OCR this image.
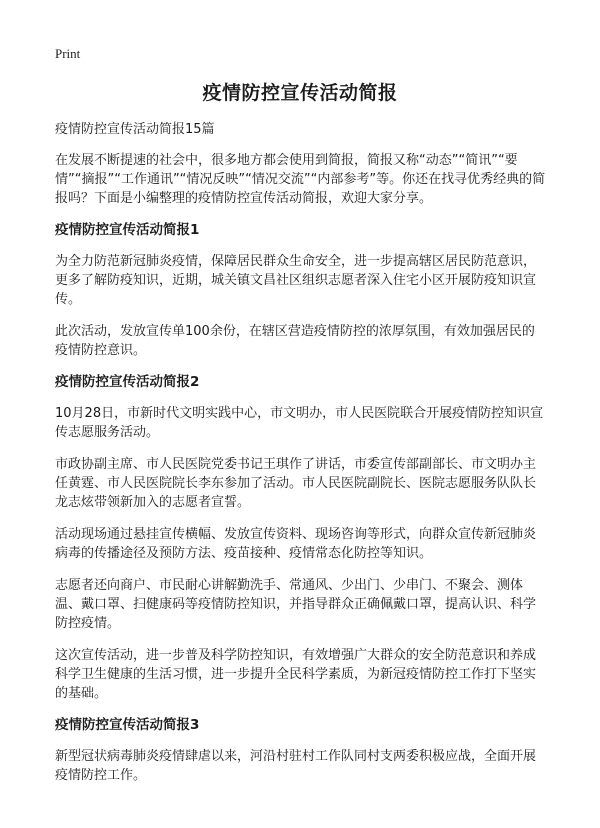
Print
疫情防控宣传活动简报

疫情防控宣传活动简报15篇

在发展不断提速的社会中，很多地方都会使用到简报，简报又称“动态”“简讯”“要情”“摘报”“工作通讯”“情况反映”“情况交流”“内部参考”等。你还在找寻优秀经典的简报吗？下面是小编整理的疫情防控宣传活动简报，欢迎大家分享。

疫情防控宣传活动简报1

为全力防范新冠肺炎疫情，保障居民群众生命安全，进一步提高辖区居民防范意识，更多了解防疫知识，近期，城关镇文昌社区组织志愿者深入住宅小区开展防疫知识宣传。

此次活动，发放宣传单100余份，在辖区营造疫情防控的浓厚氛围，有效加强居民的疫情防控意识。

疫情防控宣传活动简报2

10月28日，市新时代文明实践中心，市文明办，市人民医院联合开展疫情防控知识宣传志愿服务活动。

市政协副主席、市人民医院党委书记王琪作了讲话，市委宣传部副部长、市文明办主任黄霆、市人民医院院长李东参加了活动。市人民医院副院长、医院志愿服务队队长龙志炫带领新加入的志愿者宣誓。

活动现场通过悬挂宣传横幅、发放宣传资料、现场咨询等形式，向群众宣传新冠肺炎病毒的传播途径及预防方法、疫苗接种、疫情常态化防控等知识。

志愿者还向商户、市民耐心讲解勤洗手、常通风、少出门、少串门、不聚会、测体温、戴口罩、扫健康码等疫情防控知识，并指导群众正确佩戴口罩，提高认识、科学防控疫情。

这次宣传活动，进一步普及科学防控知识，有效增强广大群众的安全防范意识和养成科学卫生健康的生活习惯，进一步提升全民科学素质，为新冠疫情防控工作打下坚实的基础。

疫情防控宣传活动简报3

新型冠状病毒肺炎疫情肆虐以来，河沿村驻村工作队同村支两委积极应战，全面开展疫情防控工作。
